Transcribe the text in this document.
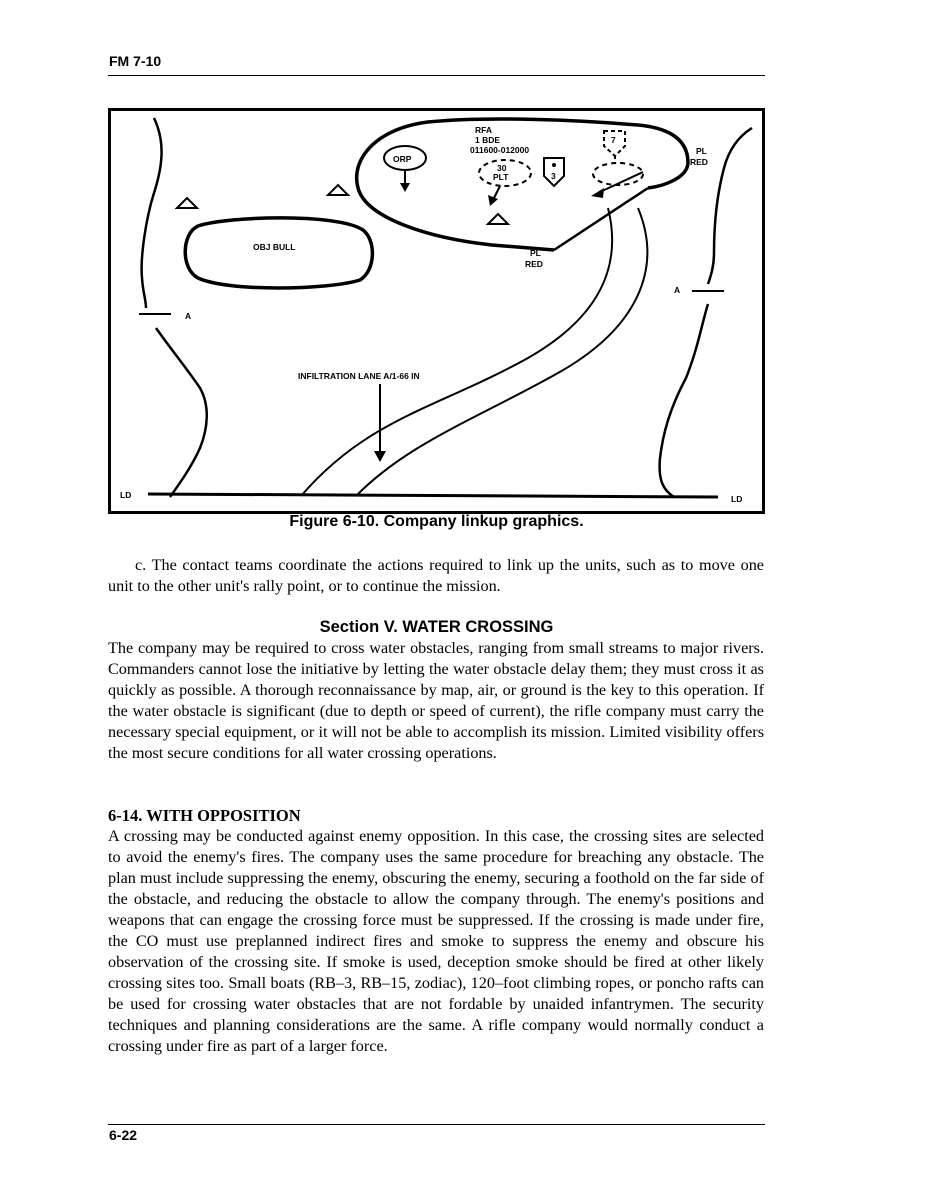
FM 7-10
RFA
1 BDE
011600-012000
ORP
30
PLT	3
7
PL
RED
PL
RED
OBJ BULL
A
A
INFILTRATION LANE A/1-66 IN
LD	LD
Figure 6-10. Company linkup graphics.

c. The contact teams coordinate the actions required to link up the units, such as to move one unit to the other unit's rally point, or to continue the mission.

Section V. WATER CROSSING

The company may be required to cross water obstacles, ranging from small streams to major rivers. Commanders cannot lose the initiative by letting the water obstacle delay them; they must cross it as quickly as possible. A thorough reconnaissance by map, air, or ground is the key to this operation. If the water obstacle is significant (due to depth or speed of current), the rifle company must carry the necessary special equipment, or it will not be able to accomplish its mission. Limited visibility offers the most secure conditions for all water crossing operations.

6-14. WITH OPPOSITION

A crossing may be conducted against enemy opposition. In this case, the crossing sites are selected to avoid the enemy's fires. The company uses the same procedure for breaching any obstacle. The plan must include suppressing the enemy, obscuring the enemy, securing a foothold on the far side of the obstacle, and reducing the obstacle to allow the company through. The enemy's positions and weapons that can engage the crossing force must be suppressed. If the crossing is made under fire, the CO must use preplanned indirect fires and smoke to suppress the enemy and obscure his observation of the crossing site. If smoke is used, deception smoke should be fired at other likely crossing sites too. Small boats (RB–3, RB–15, zodiac), 120–foot climbing ropes, or poncho rafts can be used for crossing water obstacles that are not fordable by unaided infantrymen. The security techniques and planning considerations are the same. A rifle company would normally conduct a crossing under fire as part of a larger force.

6-22
